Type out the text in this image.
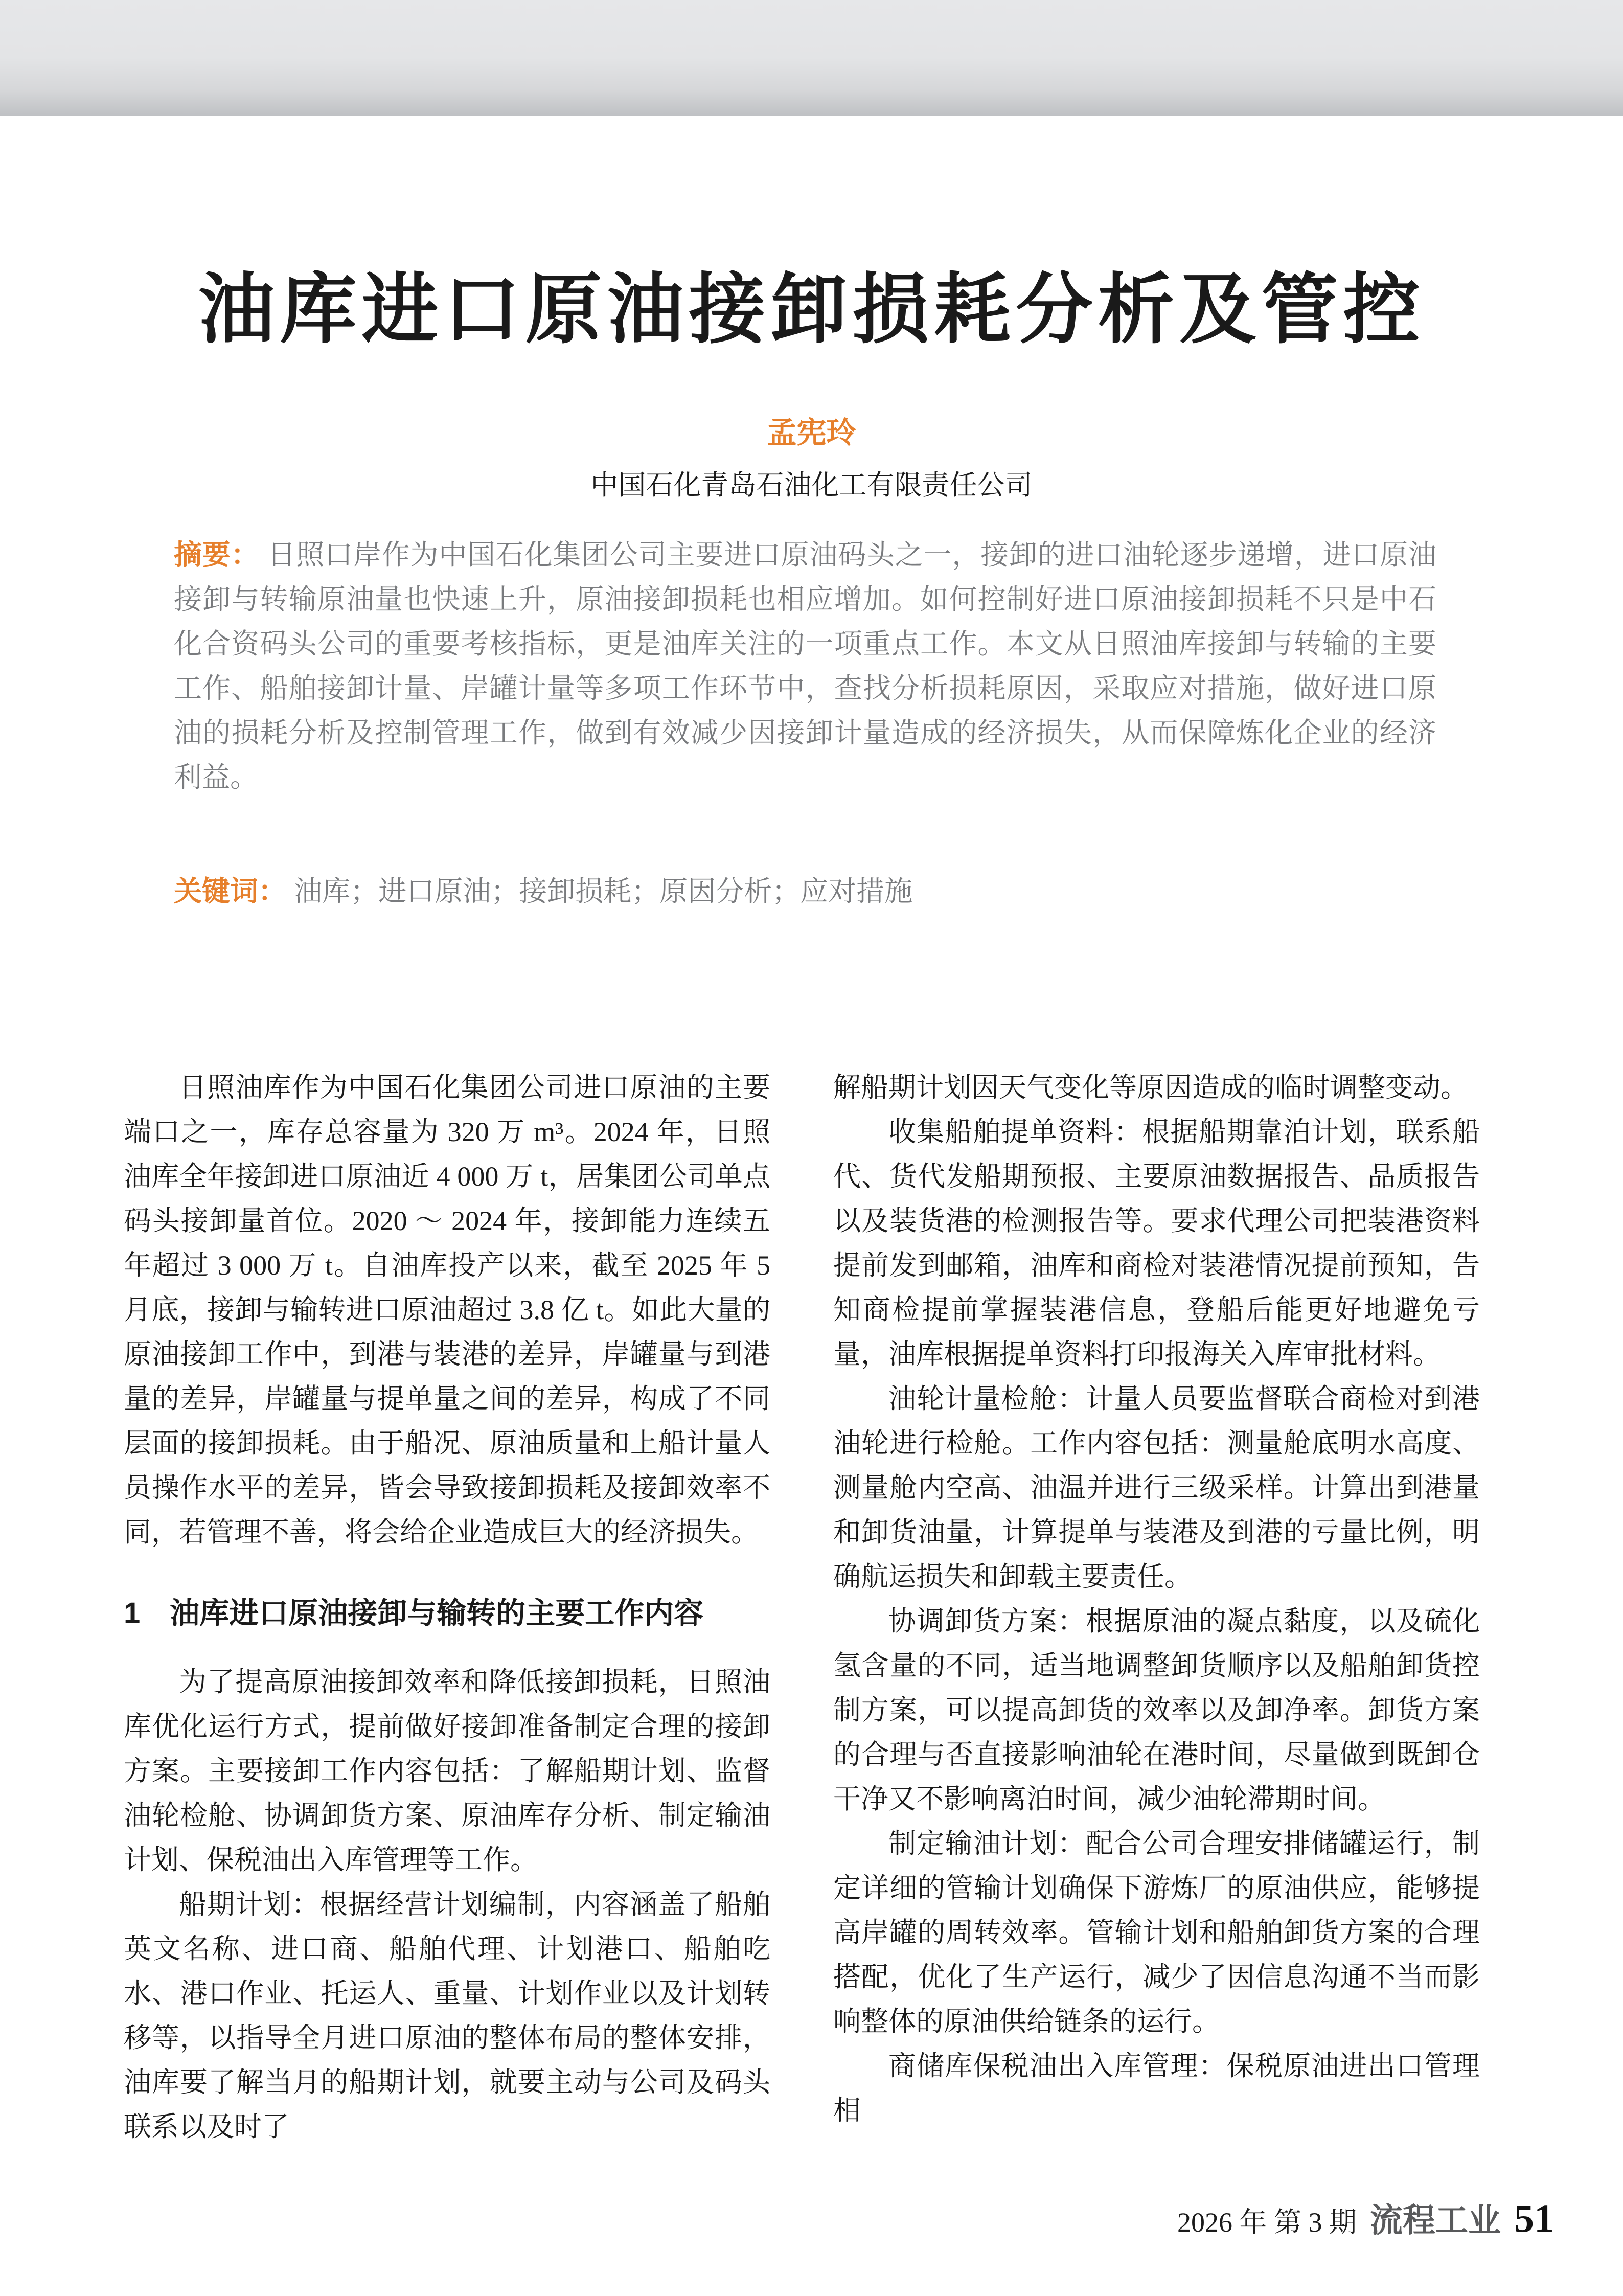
油库进口原油接卸损耗分析及管控
孟宪玲
中国石化青岛石油化工有限责任公司
摘要： 日照口岸作为中国石化集团公司主要进口原油码头之一，接卸的进口油轮逐步递增，进口原油接卸与转输原油量也快速上升，原油接卸损耗也相应增加。如何控制好进口原油接卸损耗不只是中石化合资码头公司的重要考核指标，更是油库关注的一项重点工作。本文从日照油库接卸与转输的主要工作、船舶接卸计量、岸罐计量等多项工作环节中，查找分析损耗原因，采取应对措施，做好进口原油的损耗分析及控制管理工作，做到有效减少因接卸计量造成的经济损失，从而保障炼化企业的经济利益。
关键词： 油库；进口原油；接卸损耗；原因分析；应对措施
日照油库作为中国石化集团公司进口原油的主要端口之一，库存总容量为 320 万 m³。2024 年，日照油库全年接卸进口原油近 4 000 万 t，居集团公司单点码头接卸量首位。2020 ～ 2024 年，接卸能力连续五年超过 3 000 万 t。自油库投产以来，截至 2025 年 5 月底，接卸与输转进口原油超过 3.8 亿 t。如此大量的原油接卸工作中，到港与装港的差异，岸罐量与到港量的差异，岸罐量与提单量之间的差异，构成了不同层面的接卸损耗。由于船况、原油质量和上船计量人员操作水平的差异，皆会导致接卸损耗及接卸效率不同，若管理不善，将会给企业造成巨大的经济损失。
1 油库进口原油接卸与输转的主要工作内容
为了提高原油接卸效率和降低接卸损耗，日照油库优化运行方式，提前做好接卸准备制定合理的接卸方案。主要接卸工作内容包括：了解船期计划、监督油轮检舱、协调卸货方案、原油库存分析、制定输油计划、保税油出入库管理等工作。
船期计划：根据经营计划编制，内容涵盖了船舶英文名称、进口商、船舶代理、计划港口、船舶吃水、港口作业、托运人、重量、计划作业以及计划转移等，以指导全月进口原油的整体布局的整体安排，油库要了解当月的船期计划，就要主动与公司及码头联系以及时了
解船期计划因天气变化等原因造成的临时调整变动。
收集船舶提单资料：根据船期靠泊计划，联系船代、货代发船期预报、主要原油数据报告、品质报告以及装货港的检测报告等。要求代理公司把装港资料提前发到邮箱，油库和商检对装港情况提前预知，告知商检提前掌握装港信息，登船后能更好地避免亏量，油库根据提单资料打印报海关入库审批材料。
油轮计量检舱：计量人员要监督联合商检对到港油轮进行检舱。工作内容包括：测量舱底明水高度、测量舱内空高、油温并进行三级采样。计算出到港量和卸货油量，计算提单与装港及到港的亏量比例，明确航运损失和卸载主要责任。
协调卸货方案：根据原油的凝点黏度，以及硫化氢含量的不同，适当地调整卸货顺序以及船舶卸货控制方案，可以提高卸货的效率以及卸净率。卸货方案的合理与否直接影响油轮在港时间，尽量做到既卸仓干净又不影响离泊时间，减少油轮滞期时间。
制定输油计划：配合公司合理安排储罐运行，制定详细的管输计划确保下游炼厂的原油供应，能够提高岸罐的周转效率。管输计划和船舶卸货方案的合理搭配，优化了生产运行，减少了因信息沟通不当而影响整体的原油供给链条的运行。
商储库保税油出入库管理：保税原油进出口管理相
2026 年 第 3 期 流程工业 51
